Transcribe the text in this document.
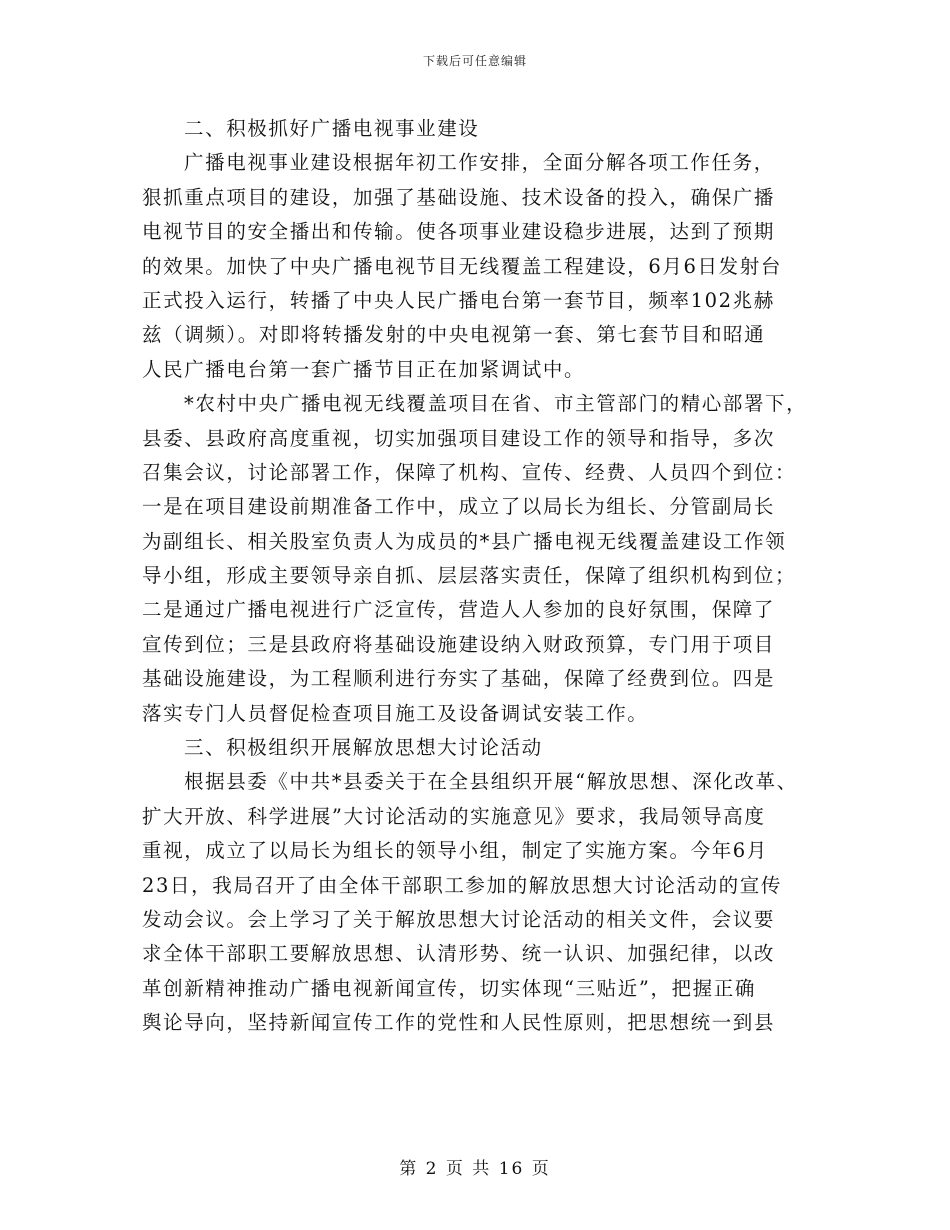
下载后可任意编辑
二、积极抓好广播电视事业建设
广播电视事业建设根据年初工作安排，全面分解各项工作任务，
狠抓重点项目的建设，加强了基础设施、技术设备的投入，确保广播
电视节目的安全播出和传输。使各项事业建设稳步进展，达到了预期
的效果。加快了中央广播电视节目无线覆盖工程建设，6月6日发射台
正式投入运行，转播了中央人民广播电台第一套节目，频率102兆赫
兹（调频）。对即将转播发射的中央电视第一套、第七套节目和昭通
人民广播电台第一套广播节目正在加紧调试中。
*农村中央广播电视无线覆盖项目在省、市主管部门的精心部署下，
县委、县政府高度重视，切实加强项目建设工作的领导和指导，多次
召集会议，讨论部署工作，保障了机构、宣传、经费、人员四个到位：
一是在项目建设前期准备工作中，成立了以局长为组长、分管副局长
为副组长、相关股室负责人为成员的*县广播电视无线覆盖建设工作领
导小组，形成主要领导亲自抓、层层落实责任，保障了组织机构到位；
二是通过广播电视进行广泛宣传，营造人人参加的良好氛围，保障了
宣传到位；三是县政府将基础设施建设纳入财政预算，专门用于项目
基础设施建设，为工程顺利进行夯实了基础，保障了经费到位。四是
落实专门人员督促检查项目施工及设备调试安装工作。
三、积极组织开展解放思想大讨论活动
根据县委《中共*县委关于在全县组织开展“解放思想、深化改革、
扩大开放、科学进展”大讨论活动的实施意见》要求，我局领导高度
重视，成立了以局长为组长的领导小组，制定了实施方案。今年6月
23日，我局召开了由全体干部职工参加的解放思想大讨论活动的宣传
发动会议。会上学习了关于解放思想大讨论活动的相关文件，会议要
求全体干部职工要解放思想、认清形势、统一认识、加强纪律，以改
革创新精神推动广播电视新闻宣传，切实体现“三贴近”，把握正确
舆论导向，坚持新闻宣传工作的党性和人民性原则，把思想统一到县
第 2 页 共 16 页
